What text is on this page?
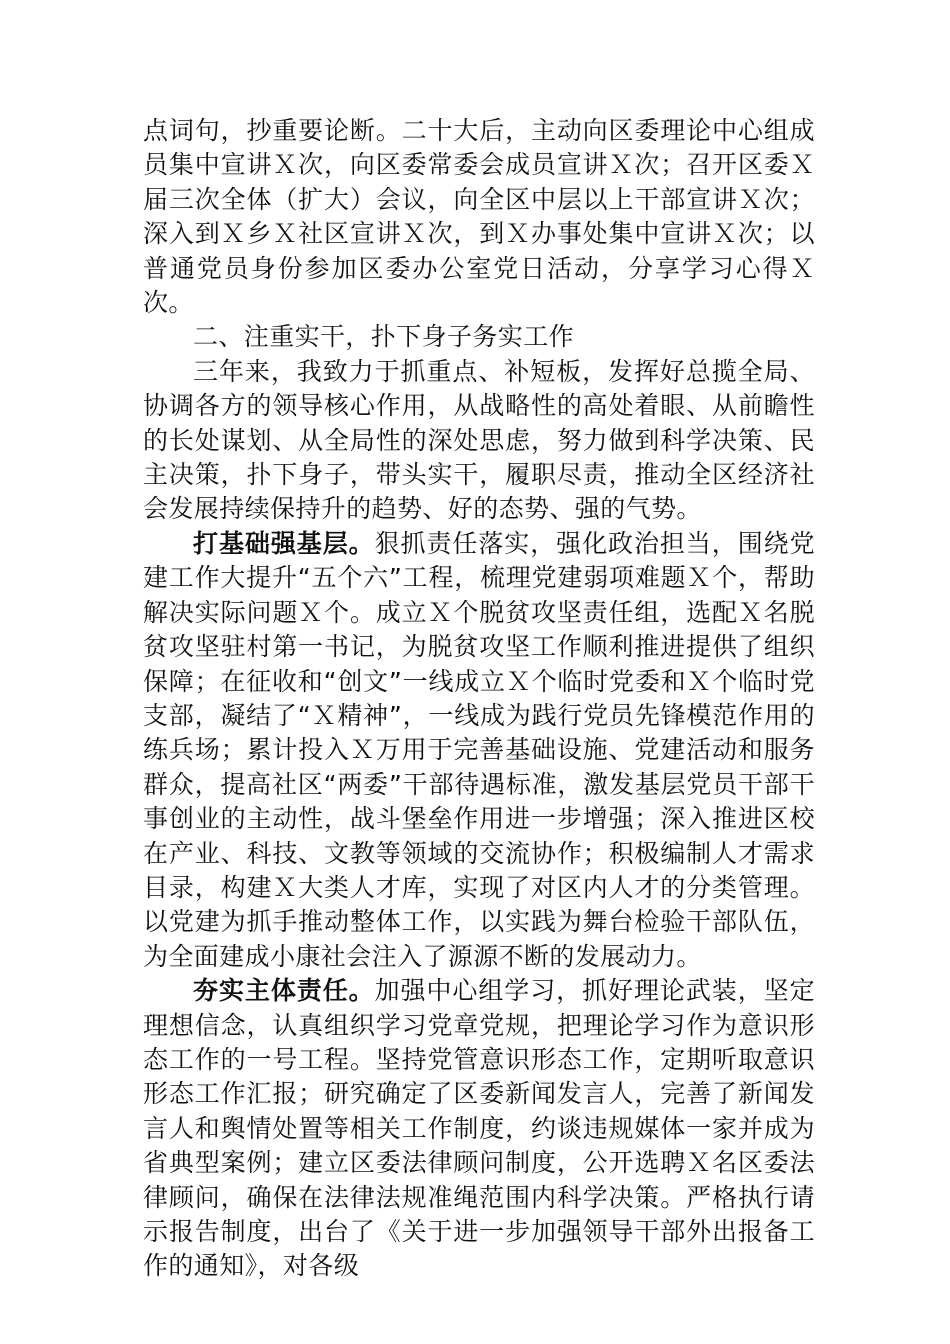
点词句，抄重要论断。二十大后，主动向区委理论中心组成员集中宣讲Ｘ次，向区委常委会成员宣讲Ｘ次；召开区委Ｘ届三次全体（扩大）会议，向全区中层以上干部宣讲Ｘ次；深入到Ｘ乡Ｘ社区宣讲Ｘ次，到Ｘ办事处集中宣讲Ｘ次；以普通党员身份参加区委办公室党日活动，分享学习心得Ｘ次。

二、注重实干，扑下身子务实工作

三年来，我致力于抓重点、补短板，发挥好总揽全局、协调各方的领导核心作用，从战略性的高处着眼、从前瞻性的长处谋划、从全局性的深处思虑，努力做到科学决策、民主决策，扑下身子，带头实干，履职尽责，推动全区经济社会发展持续保持升的趋势、好的态势、强的气势。

打基础强基层。狠抓责任落实，强化政治担当，围绕党建工作大提升“五个六”工程，梳理党建弱项难题Ｘ个，帮助解决实际问题Ｘ个。成立Ｘ个脱贫攻坚责任组，选配Ｘ名脱贫攻坚驻村第一书记，为脱贫攻坚工作顺利推进提供了组织保障；在征收和“创文”一线成立Ｘ个临时党委和Ｘ个临时党支部，凝结了“Ｘ精神”，一线成为践行党员先锋模范作用的练兵场；累计投入Ｘ万用于完善基础设施、党建活动和服务群众，提高社区“两委”干部待遇标准，激发基层党员干部干事创业的主动性，战斗堡垒作用进一步增强；深入推进区校在产业、科技、文教等领域的交流协作；积极编制人才需求目录，构建Ｘ大类人才库，实现了对区内人才的分类管理。以党建为抓手推动整体工作，以实践为舞台检验干部队伍，为全面建成小康社会注入了源源不断的发展动力。

夯实主体责任。加强中心组学习，抓好理论武装，坚定理想信念，认真组织学习党章党规，把理论学习作为意识形态工作的一号工程。坚持党管意识形态工作，定期听取意识形态工作汇报；研究确定了区委新闻发言人，完善了新闻发言人和舆情处置等相关工作制度，约谈违规媒体一家并成为省典型案例；建立区委法律顾问制度，公开选聘Ｘ名区委法律顾问，确保在法律法规准绳范围内科学决策。严格执行请示报告制度，出台了《关于进一步加强领导干部外出报备工作的通知》，对各级
